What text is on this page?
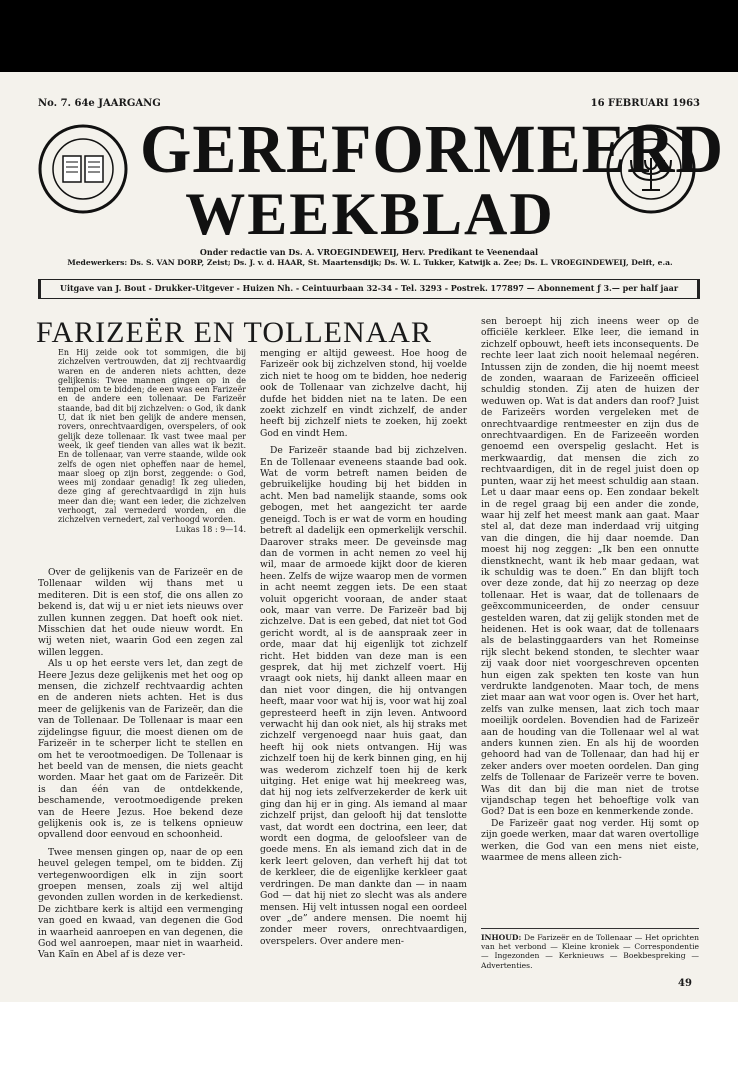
No. 7. 64e JAARGANG	16 FEBRUARI 1963
GEREFORMEERD
WEEKBLAD
Onder redactie van Ds. A. VROEGINDEWEIJ, Herv. Predikant te Veenendaal
Medewerkers: Ds. S. VAN DORP, Zeist; Ds. J. v. d. HAAR, St. Maartensdijk; Ds. W. L. Tukker, Katwijk a. Zee; Ds. L. VROEGINDEWEIJ, Delft, e.a.
Uitgave van J. Bout - Drukker-Uitgever - Huizen Nh. - Ceintuurbaan 32-34 - Tel. 3293 - Postrek. 177897 — Abonnement ƒ 3.— per half jaar
FARIZEËR EN TOLLENAAR

En Hij zeide ook tot sommigen, die bij zichzelven vertrouwden, dat zij rechtvaardig waren en de anderen niets achtten, deze gelijkenis: Twee mannen gingen op in de tempel om te bidden; de een was een Farizeër en de andere een tollenaar. De Farizeër staande, bad dit bij zichzelven: o God, ik dank U, dat ik niet ben gelijk de andere mensen, rovers, onrechtvaardigen, overspelers, of ook gelijk deze tollenaar. Ik vast twee maal per week, ik geef tienden van alles wat ik bezit. En de tollenaar, van verre staande, wilde ook zelfs de ogen niet opheffen naar de hemel, maar sloeg op zijn borst, zeggende: o God, wees mij zondaar genadig! Ik zeg ulieden, deze ging af gerechtvaardigd in zijn huis meer dan die; want een ieder, die zichzelven verhoogt, zal vernederd worden, en die zichzelven vernedert, zal verhoogd worden.

Lukas 18 : 9—14.

Over de gelijkenis van de Farizeër en de Tollenaar wilden wij thans met u mediteren. Dit is een stof, die ons allen zo bekend is, dat wij u er niet iets nieuws over zullen kunnen zeggen. Dat hoeft ook niet. Misschien dat het oude nieuw wordt. En wij weten niet, waarin God een zegen zal willen leggen.

Als u op het eerste vers let, dan zegt de Heere Jezus deze gelijkenis met het oog op mensen, die zichzelf rechtvaardig achten en de anderen niets achten. Het is dus meer de gelijkenis van de Farizeër, dan die van de Tollenaar. De Tollenaar is maar een zijdelingse figuur, die moest dienen om de Farizeër in te scherper licht te stellen en om het te verootmoedigen. De Tollenaar is het beeld van de mensen, die niets geacht worden. Maar het gaat om de Farizeër. Dit is dan één van de ontdekkende, beschamende, verootmoedigende preken van de Heere Jezus. Hoe bekend deze gelijkenis ook is, ze is telkens opnieuw opvallend door eenvoud en schoonheid.

Twee mensen gingen op, naar de op een heuvel gelegen tempel, om te bidden. Zij vertegenwoordigen elk in zijn soort groepen mensen, zoals zij wel altijd gevonden zullen worden in de kerkedienst. De zichtbare kerk is altijd een vermenging van goed en kwaad, van degenen die God in waarheid aanroepen en van degenen, die God wel aanroepen, maar niet in waarheid. Van Kaïn en Abel af is deze ver-

menging er altijd geweest. Hoe hoog de Farizeër ook bij zichzelven stond, hij voelde zich niet te hoog om te bidden, hoe nederig ook de Tollenaar van zichzelve dacht, hij dufde het bidden niet na te laten. De een zoekt zichzelf en vindt zichzelf, de ander heeft bij zichzelf niets te zoeken, hij zoekt God en vindt Hem.

De Farizeër staande bad bij zichzelven. En de Tollenaar eveneens staande bad ook. Wat de vorm betreft namen beiden de gebruikelijke houding bij het bidden in acht. Men bad namelijk staande, soms ook gebogen, met het aangezicht ter aarde geneigd. Toch is er wat de vorm en houding betreft al dadelijk een opmerkelijk verschil. Daarover straks meer. De geveinsde mag dan de vormen in acht nemen zo veel hij wil, maar de armoede kijkt door de kieren heen. Zelfs de wijze waarop men de vormen in acht neemt zeggen iets. De een staat voluit opgericht vooraan, de ander staat ook, maar van verre. De Farizeër bad bij zichzelve. Dat is een gebed, dat niet tot God gericht wordt, al is de aanspraak zeer in orde, maar dat hij eigenlijk tot zichzelf richt. Het bidden van deze man is een gesprek, dat hij met zichzelf voert. Hij vraagt ook niets, hij dankt alleen maar en dan niet voor dingen, die hij ontvangen heeft, maar voor wat hij is, voor wat hij zoal gepresteerd heeft in zijn leven. Antwoord verwacht hij dan ook niet, als hij straks met zichzelf vergenoegd naar huis gaat, dan heeft hij ook niets ontvangen. Hij was zichzelf toen hij de kerk binnen ging, en hij was wederom zichzelf toen hij de kerk uitging. Het enige wat hij meekreeg was, dat hij nog iets zelfverzekerder de kerk uit ging dan hij er in ging. Als iemand al maar zichzelf prijst, dan gelooft hij dat tenslotte vast, dat wordt een doctrina, een leer, dat wordt een dogma, de geloofsleer van de goede mens. En als iemand zich dat in de kerk leert geloven, dan verheft hij dat tot de kerkleer, die de eigenlijke kerkleer gaat verdringen. De man dankte dan — in naam God — dat hij niet zo slecht was als andere mensen. Hij velt intussen nogal een oordeel over „de” andere mensen. Die noemt hij zonder meer rovers, onrechtvaardigen, overspelers. Over andere men-

sen beroept hij zich ineens weer op de officiële kerkleer. Elke leer, die iemand in zichzelf opbouwt, heeft iets inconsequents. De rechte leer laat zich nooit helemaal negéren. Intussen zijn de zonden, die hij noemt meest de zonden, waaraan de Farizeeën officieel schuldig stonden. Zij aten de huizen der weduwen op. Wat is dat anders dan roof? Juist de Farizeërs worden vergeleken met de onrechtvaardige rentmeester en zijn dus de onrechtvaardigen. En de Farizeeën worden genoemd een overspelig geslacht. Het is merkwaardig, dat mensen die zich zo rechtvaardigen, dit in de regel juist doen op punten, waar zij het meest schuldig aan staan. Let u daar maar eens op. Een zondaar bekelt in de regel graag bij een ander die zonde, waar hij zelf het meest mank aan gaat. Maar stel al, dat deze man inderdaad vrij uitging van die dingen, die hij daar noemde. Dan moest hij nog zeggen: „Ik ben een onnutte dienstknecht, want ik heb maar gedaan, wat ik schuldig was te doen.” En dan blijft toch over deze zonde, dat hij zo neerzag op deze tollenaar. Het is waar, dat de tollenaars de geëxcommuniceerden, de onder censuur gestelden waren, dat zij gelijk stonden met de heidenen. Het is ook waar, dat de tollenaars als de belastinggaarders van het Romeinse rijk slecht bekend stonden, te slechter waar zij vaak door niet voorgeschreven opcenten hun eigen zak spekten ten koste van hun verdrukte landgenoten. Maar toch, de mens ziet maar aan wat voor ogen is. Over het hart, zelfs van zulke mensen, laat zich toch maar moeilijk oordelen. Bovendien had de Farizeër aan de houding van die Tollenaar wel al wat anders kunnen zien. En als hij de woorden gehoord had van de Tollenaar, dan had hij er zeker anders over moeten oordelen. Dan ging zelfs de Tollenaar de Farizeër verre te boven. Was dit dan bij die man niet de trotse vijandschap tegen het behoeftige volk van God? Dat is een boze en kenmerkende zonde.

De Farizeër gaat nog verder. Hij somt op zijn goede werken, maar dat waren overtollige werken, die God van een mens niet eiste, waarmee de mens alleen zich-

INHOUD: De Farizeër en de Tollenaar — Het oprichten van het verbond — Kleine kroniek — Correspondentie — Ingezonden — Kerknieuws — Boekbespreking — Advertenties.
49
